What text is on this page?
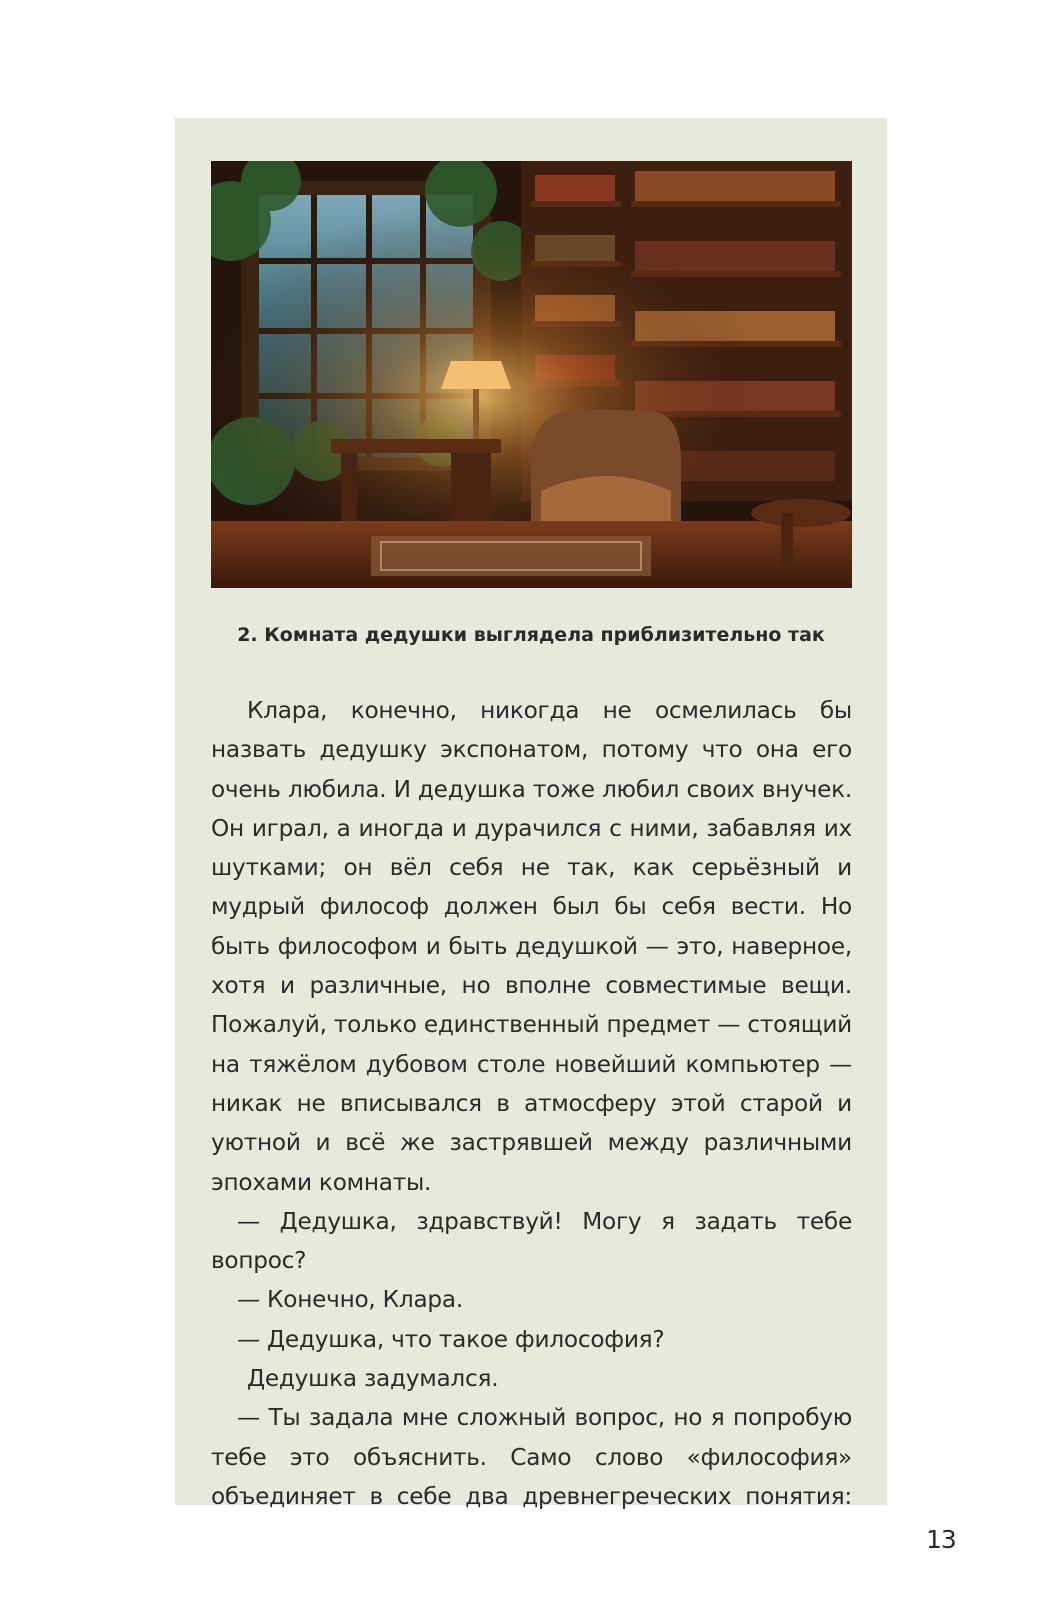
2. Комната дедушки выглядела приблизительно так

Клара, конечно, никогда не осмелилась бы назвать дедушку экспонатом, потому что она его очень любила. И дедушка тоже любил своих внучек. Он играл, а иногда и дурачился с ними, забавляя их шутками; он вёл себя не так, как серьёзный и мудрый философ должен был бы себя вести. Но быть философом и быть дедушкой — это, наверное, хотя и различные, но вполне совместимые вещи. Пожалуй, только единственный предмет — стоящий на тяжёлом дубовом столе новейший компьютер — никак не вписывался в атмосферу этой старой и уютной и всё же застрявшей между различными эпохами комнаты.

— Дедушка, здравствуй! Могу я задать тебе вопрос?

— Конечно, Клара.

— Дедушка, что такое философия?

Дедушка задумался.

— Ты задала мне сложный вопрос, но я попробую тебе это объяснить. Само слово «философия» объединяет в себе два древнегреческих понятия:

13
